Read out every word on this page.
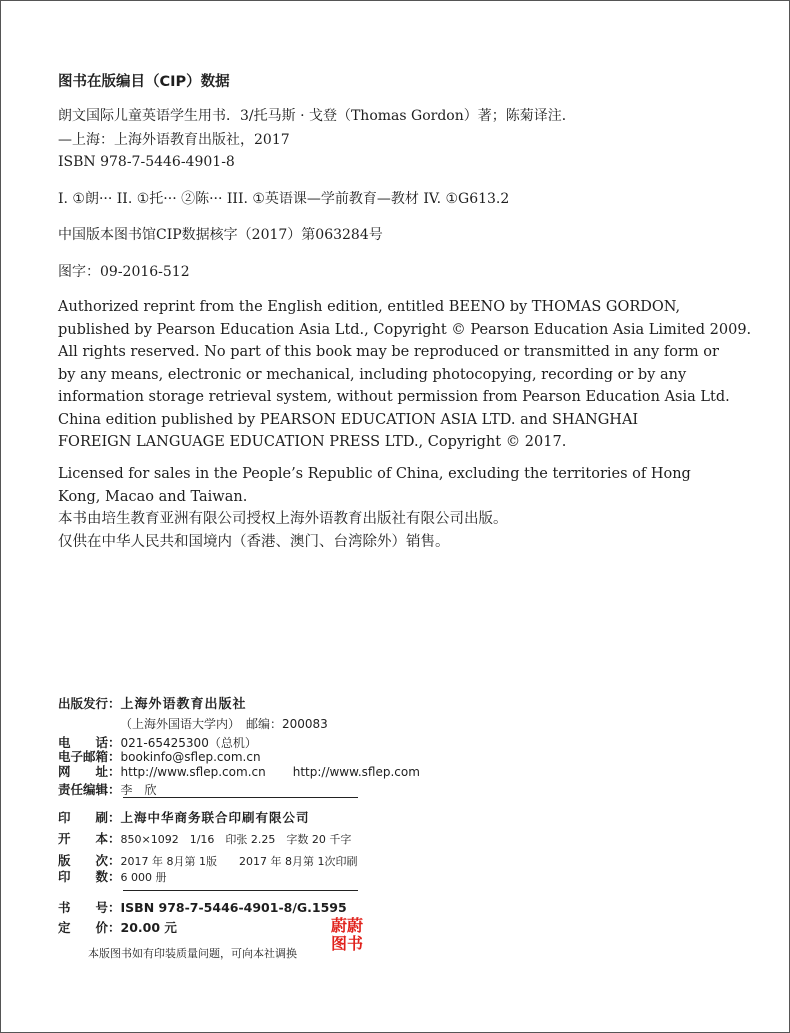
图书在版编目（CIP）数据
朗文国际儿童英语学生用书．3/托马斯 · 戈登（Thomas Gordon）著；陈菊译注．
—上海：上海外语教育出版社，2017
ISBN 978-7-5446-4901-8
I. ①朗··· II. ①托··· ②陈··· III. ①英语课—学前教育—教材 IV. ①G613.2
中国版本图书馆CIP数据核字（2017）第063284号
图字：09-2016-512
Authorized reprint from the English edition, entitled BEENO by THOMAS GORDON,
published by Pearson Education Asia Ltd., Copyright © Pearson Education Asia Limited 2009.
All rights reserved. No part of this book may be reproduced or transmitted in any form or
by any means, electronic or mechanical, including photocopying, recording or by any
information storage retrieval system, without permission from Pearson Education Asia Ltd.
China edition published by PEARSON EDUCATION ASIA LTD. and SHANGHAI
FOREIGN LANGUAGE EDUCATION PRESS LTD., Copyright © 2017.
Licensed for sales in the People’s Republic of China, excluding the territories of Hong
Kong, Macao and Taiwan.
本书由培生教育亚洲有限公司授权上海外语教育出版社有限公司出版。
仅供在中华人民共和国境内（香港、澳门、台湾除外）销售。
出版发行：上海外语教育出版社
（上海外国语大学内）　邮编：200083
电　　话：021-65425300（总机）
电子邮箱：bookinfo@sflep.com.cn
网　　址：http://www.sflep.com.cn http://www.sflep.com
责任编辑：李　欣
印　　刷：上海中华商务联合印刷有限公司
开　　本：850×1092　1/16　印张 2.25　字数 20 千字
版　　次：2017 年 8月第 1版　　2017 年 8月第 1次印刷
印　　数：6 000 册
书　　号：ISBN 978-7-5446-4901-8/G.1595
定　　价：20.00 元
本版图书如有印装质量问题，可向本社调换
蔚蔚
图书
